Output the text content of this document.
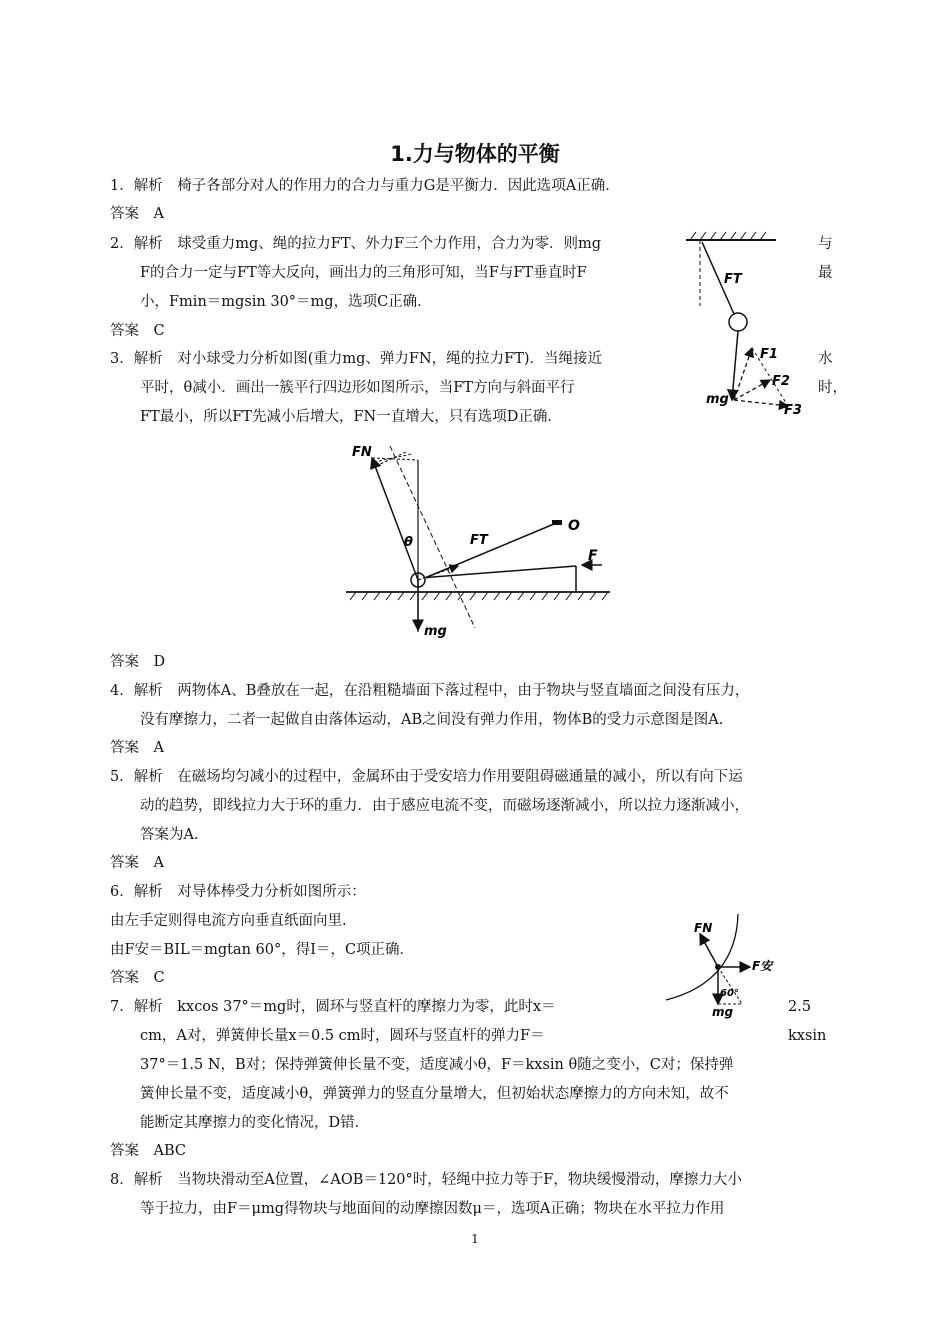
1.力与物体的平衡
1．解析　椅子各部分对人的作用力的合力与重力G是平衡力．因此选项A正确．
答案　A
2．解析　球受重力mg、绳的拉力FT、外力F三个力作用，合力为零．则mg	与
F的合力一定与FT等大反向，画出力的三角形可知，当F与FT垂直时F	最
小，Fmin＝mgsin 30°＝mg，选项C正确．
答案　C
3．解析　对小球受力分析如图(重力mg、弹力FN，绳的拉力FT)．当绳接近	水
平时，θ减小．画出一簇平行四边形如图所示，当FT方向与斜面平行	时，
FT最小，所以FT先减小后增大，FN一直增大，只有选项D正确．
FT
F1
F2
F3
mg
FN
θ	FT
O
F
mg
答案　D
4．解析　两物体A、B叠放在一起，在沿粗糙墙面下落过程中，由于物块与竖直墙面之间没有压力，
没有摩擦力，二者一起做自由落体运动，AB之间没有弹力作用，物体B的受力示意图是图A.
答案　A
5．解析　在磁场均匀减小的过程中，金属环由于受安培力作用要阻碍磁通量的减小，所以有向下运
动的趋势，即线拉力大于环的重力．由于感应电流不变，而磁场逐渐减小，所以拉力逐渐减小，
答案为A.
答案　A
6．解析　对导体棒受力分析如图所示：
由左手定则得电流方向垂直纸面向里.
由F安＝BIL＝mgtan 60°，得I＝，C项正确．
答案　C
FN
F安
60°
mg
7．解析　kxcos 37°＝mg时，圆环与竖直杆的摩擦力为零，此时x＝	2.5
cm，A对，弹簧伸长量x＝0.5 cm时，圆环与竖直杆的弹力F＝	kxsin
37°＝1.5 N，B对；保持弹簧伸长量不变，适度减小θ，F＝kxsin θ随之变小，C对；保持弹
簧伸长量不变，适度减小θ，弹簧弹力的竖直分量增大，但初始状态摩擦力的方向未知，故不
能断定其摩擦力的变化情况，D错．
答案　ABC
8．解析　当物块滑动至A位置，∠AOB＝120°时，轻绳中拉力等于F，物块缓慢滑动，摩擦力大小
等于拉力，由F＝μmg得物块与地面间的动摩擦因数μ＝，选项A正确；物块在水平拉力作用
1
